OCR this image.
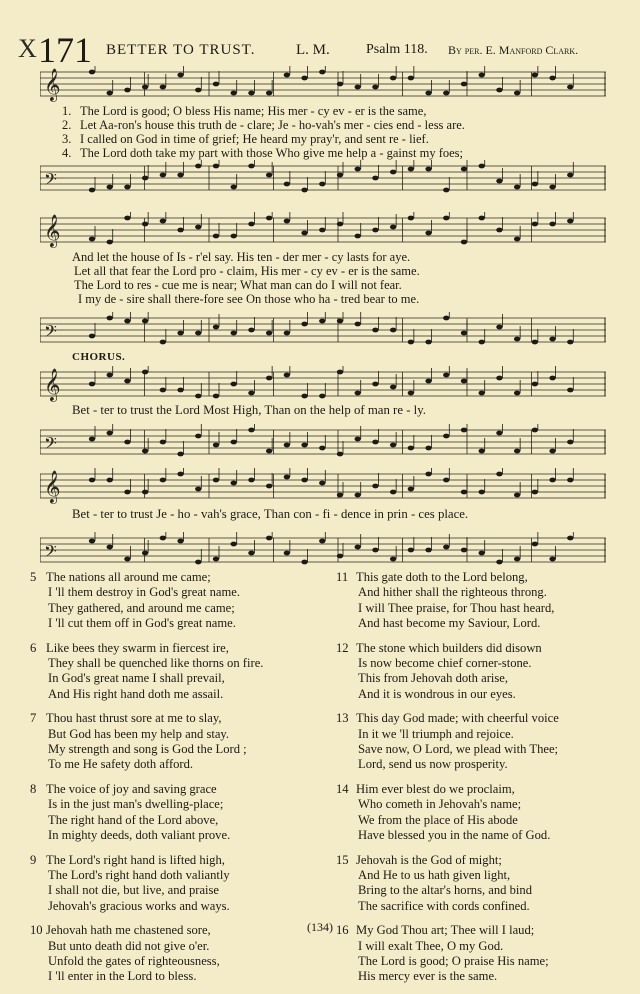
X 171 BETTER TO TRUST.	L. M.	Psalm 118. By per. E. Manford Clark.
𝄞
𝄢
1. The Lord is good; O bless His name; His mer - cy ev - er is the same,
2. Let Aa-ron's house this truth de - clare; Je - ho-vah's mer - cies end - less are.
3. I called on God in time of grief; He heard my pray'r, and sent re - lief.
4. The Lord doth take my part with those Who give me help a - gainst my foes;
𝄞
𝄢
And let the house of Is - r'el say. His ten - der mer - cy lasts for aye.
Let all that fear the Lord pro - claim, His mer - cy ev - er is the same.
The Lord to res - cue me is near; What man can do I will not fear.
I my de - sire shall there-fore see On those who ha - tred bear to me.
CHORUS.
𝄞
𝄢
Bet - ter to trust the Lord Most High, Than on the help of man re - ly.
𝄞
𝄢
Bet - ter to trust Je - ho - vah's grace, Than con - fi - dence in prin - ces place.
5 The nations all around me came;
I 'll them destroy in God's great name.
They gathered, and around me came;
I 'll cut them off in God's great name.
6 Like bees they swarm in fiercest ire,
They shall be quenched like thorns on fire.
In God's great name I shall prevail,
And His right hand doth me assail.
7 Thou hast thrust sore at me to slay,
But God has been my help and stay.
My strength and song is God the Lord ;
To me He safety doth afford.
8 The voice of joy and saving grace
Is in the just man's dwelling-place;
The right hand of the Lord above,
In mighty deeds, doth valiant prove.
9 The Lord's right hand is lifted high,
The Lord's right hand doth valiantly
I shall not die, but live, and praise
Jehovah's gracious works and ways.
10 Jehovah hath me chastened sore,
But unto death did not give o'er.
Unfold the gates of righteousness,
I 'll enter in the Lord to bless.
11 This gate doth to the Lord belong,
And hither shall the righteous throng.
I will Thee praise, for Thou hast heard,
And hast become my Saviour, Lord.
12 The stone which builders did disown
Is now become chief corner-stone.
This from Jehovah doth arise,
And it is wondrous in our eyes.
13 This day God made; with cheerful voice
In it we 'll triumph and rejoice.
Save now, O Lord, we plead with Thee;
Lord, send us now prosperity.
14 Him ever blest do we proclaim,
Who cometh in Jehovah's name;
We from the place of His abode
Have blessed you in the name of God.
15 Jehovah is the God of might;
And He to us hath given light,
Bring to the altar's horns, and bind
The sacrifice with cords confined.
16 My God Thou art; Thee will I laud;
I will exalt Thee, O my God.
The Lord is good; O praise His name;
His mercy ever is the same.
(134)
